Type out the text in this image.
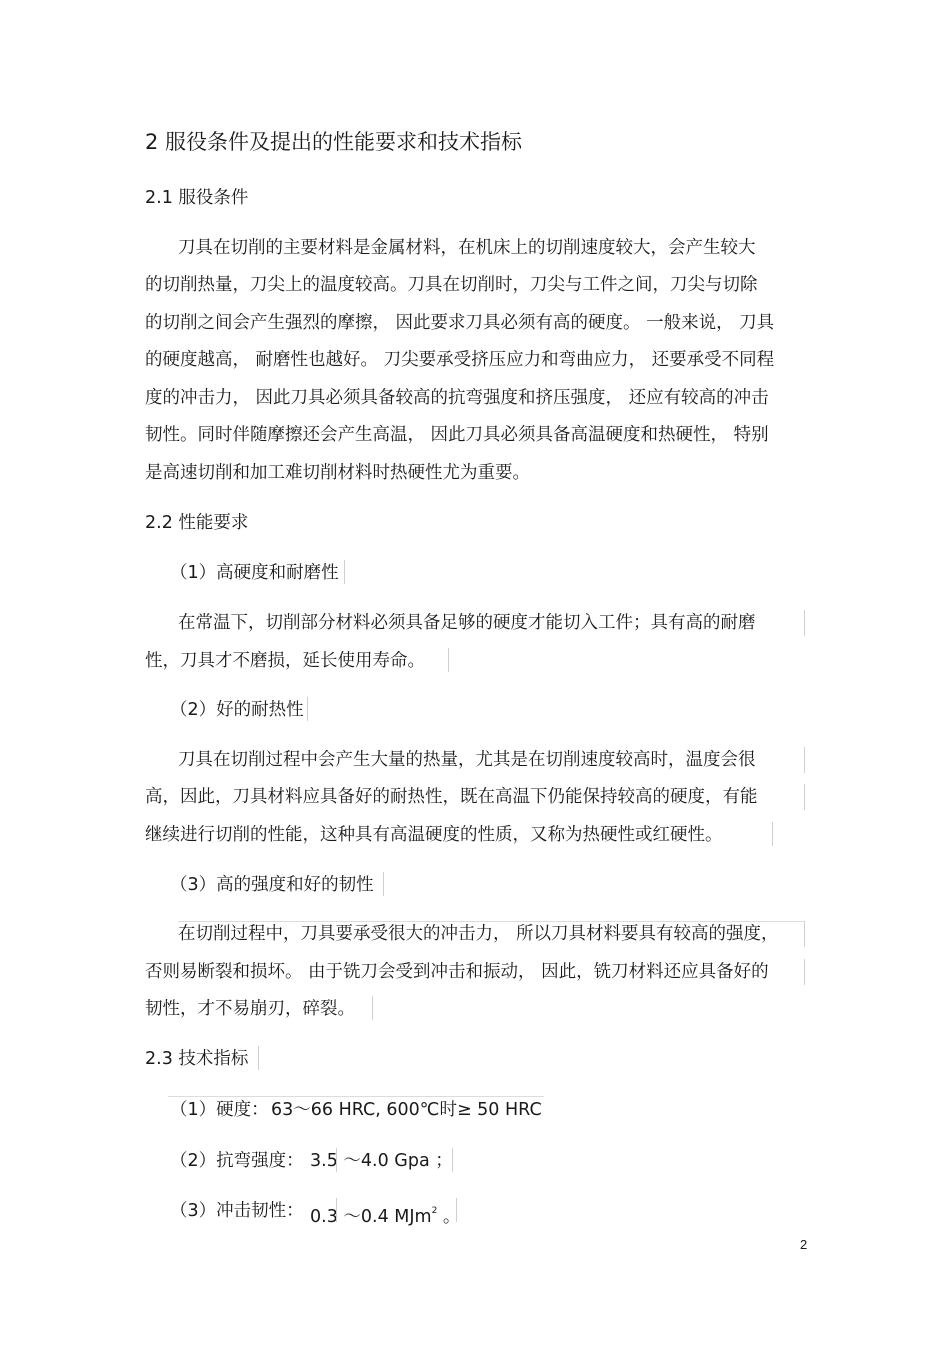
2 服役条件及提出的性能要求和技术指标
2.1 服役条件
刀具在切削的主要材料是金属材料，在机床上的切削速度较大，会产生较大
的切削热量，刀尖上的温度较高。刀具在切削时，刀尖与工件之间，刀尖与切除
的切削之间会产生强烈的摩擦， 因此要求刀具必须有高的硬度。 一般来说， 刀具
的硬度越高， 耐磨性也越好。 刀尖要承受挤压应力和弯曲应力， 还要承受不同程
度的冲击力， 因此刀具必须具备较高的抗弯强度和挤压强度， 还应有较高的冲击
韧性。同时伴随摩擦还会产生高温， 因此刀具必须具备高温硬度和热硬性， 特别
是高速切削和加工难切削材料时热硬性尤为重要。
2.2 性能要求
（1）高硬度和耐磨性
在常温下，切削部分材料必须具备足够的硬度才能切入工件；具有高的耐磨
性，刀具才不磨损，延长使用寿命。
（2）好的耐热性
刀具在切削过程中会产生大量的热量，尤其是在切削速度较高时，温度会很
高，因此，刀具材料应具备好的耐热性，既在高温下仍能保持较高的硬度，有能
继续进行切削的性能，这种具有高温硬度的性质，又称为热硬性或红硬性。
（3）高的强度和好的韧性
在切削过程中，刀具要承受很大的冲击力， 所以刀具材料要具有较高的强度，
否则易断裂和损坏。 由于铣刀会受到冲击和振动， 因此，铣刀材料还应具备好的
韧性，才不易崩刃，碎裂。
2.3 技术指标
（1）硬度： 63～66 HRC, 600℃时≥ 50 HRC
（2）抗弯强度： 3.5 ～4.0 Gpa ；
（3）冲击韧性： 0.3 ～0.4 MJm$^2$ 。
2
